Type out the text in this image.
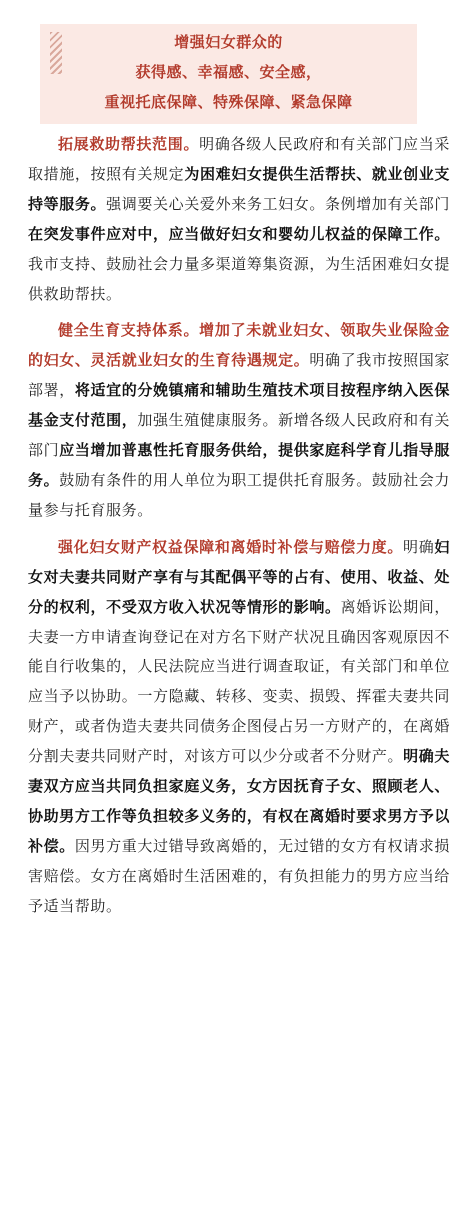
增强妇女群众的
获得感、幸福感、安全感，
重视托底保障、特殊保障、紧急保障

拓展救助帮扶范围。明确各级人民政府和有关部门应当采取措施，按照有关规定为困难妇女提供生活帮扶、就业创业支持等服务。强调要关心关爱外来务工妇女。条例增加有关部门在突发事件应对中，应当做好妇女和婴幼儿权益的保障工作。我市支持、鼓励社会力量多渠道筹集资源，为生活困难妇女提供救助帮扶。

健全生育支持体系。增加了未就业妇女、领取失业保险金的妇女、灵活就业妇女的生育待遇规定。明确了我市按照国家部署，将适宜的分娩镇痛和辅助生殖技术项目按程序纳入医保基金支付范围，加强生殖健康服务。新增各级人民政府和有关部门应当增加普惠性托育服务供给，提供家庭科学育儿指导服务。鼓励有条件的用人单位为职工提供托育服务。鼓励社会力量参与托育服务。

强化妇女财产权益保障和离婚时补偿与赔偿力度。明确妇女对夫妻共同财产享有与其配偶平等的占有、使用、收益、处分的权利，不受双方收入状况等情形的影响。离婚诉讼期间，夫妻一方申请查询登记在对方名下财产状况且确因客观原因不能自行收集的，人民法院应当进行调查取证，有关部门和单位应当予以协助。一方隐藏、转移、变卖、损毁、挥霍夫妻共同财产，或者伪造夫妻共同债务企图侵占另一方财产的，在离婚分割夫妻共同财产时，对该方可以少分或者不分财产。明确夫妻双方应当共同负担家庭义务，女方因抚育子女、照顾老人、协助男方工作等负担较多义务的，有权在离婚时要求男方予以补偿。因男方重大过错导致离婚的，无过错的女方有权请求损害赔偿。女方在离婚时生活困难的，有负担能力的男方应当给予适当帮助。
